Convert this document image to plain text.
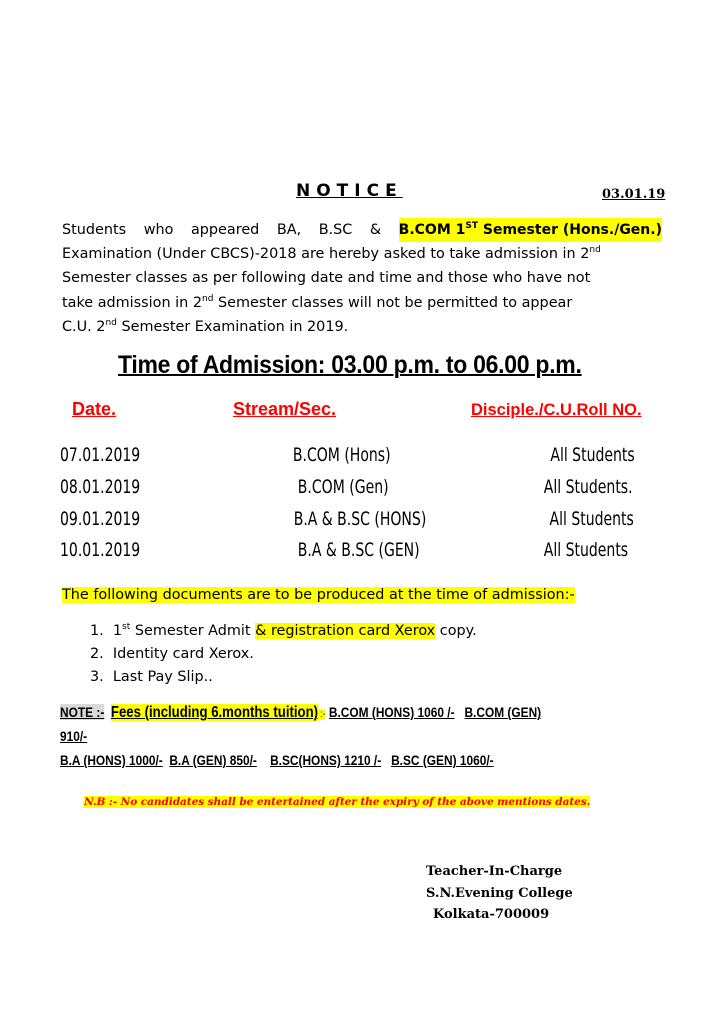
NOTICE	03.01.19
Students who appeared BA, B.SC & B.COM 1ST Semester (Hons./Gen.)
Examination (Under CBCS)-2018 are hereby asked to take admission in 2nd
Semester classes as per following date and time and those who have not
take admission in 2nd Semester classes will not be permitted to appear
C.U. 2nd Semester Examination in 2019.
Time of Admission: 03.00 p.m. to 06.00 p.m.
Date.	Stream/Sec.	Disciple./C.U.Roll NO.
07.01.2019	B.COM (Hons)	All Students
08.01.2019	B.COM (Gen)	All Students.
09.01.2019	B.A & B.SC (HONS)	All Students
10.01.2019	B.A & B.SC (GEN)	All Students
The following documents are to be produced at the time of admission:-
1. 1st Semester Admit & registration card Xerox copy.
2. Identity card Xerox.
3. Last Pay Slip..
NOTE :- Fees (including 6.months tuition) :- B.COM (HONS) 1060 /- B.COM (GEN)
910/-
B.A (HONS) 1000/- B.A (GEN) 850/- B.SC(HONS) 1210 /- B.SC (GEN) 1060/-
N.B :- No candidates shall be entertained after the expiry of the above mentions dates.
Teacher-In-Charge
S.N.Evening College
Kolkata-700009
